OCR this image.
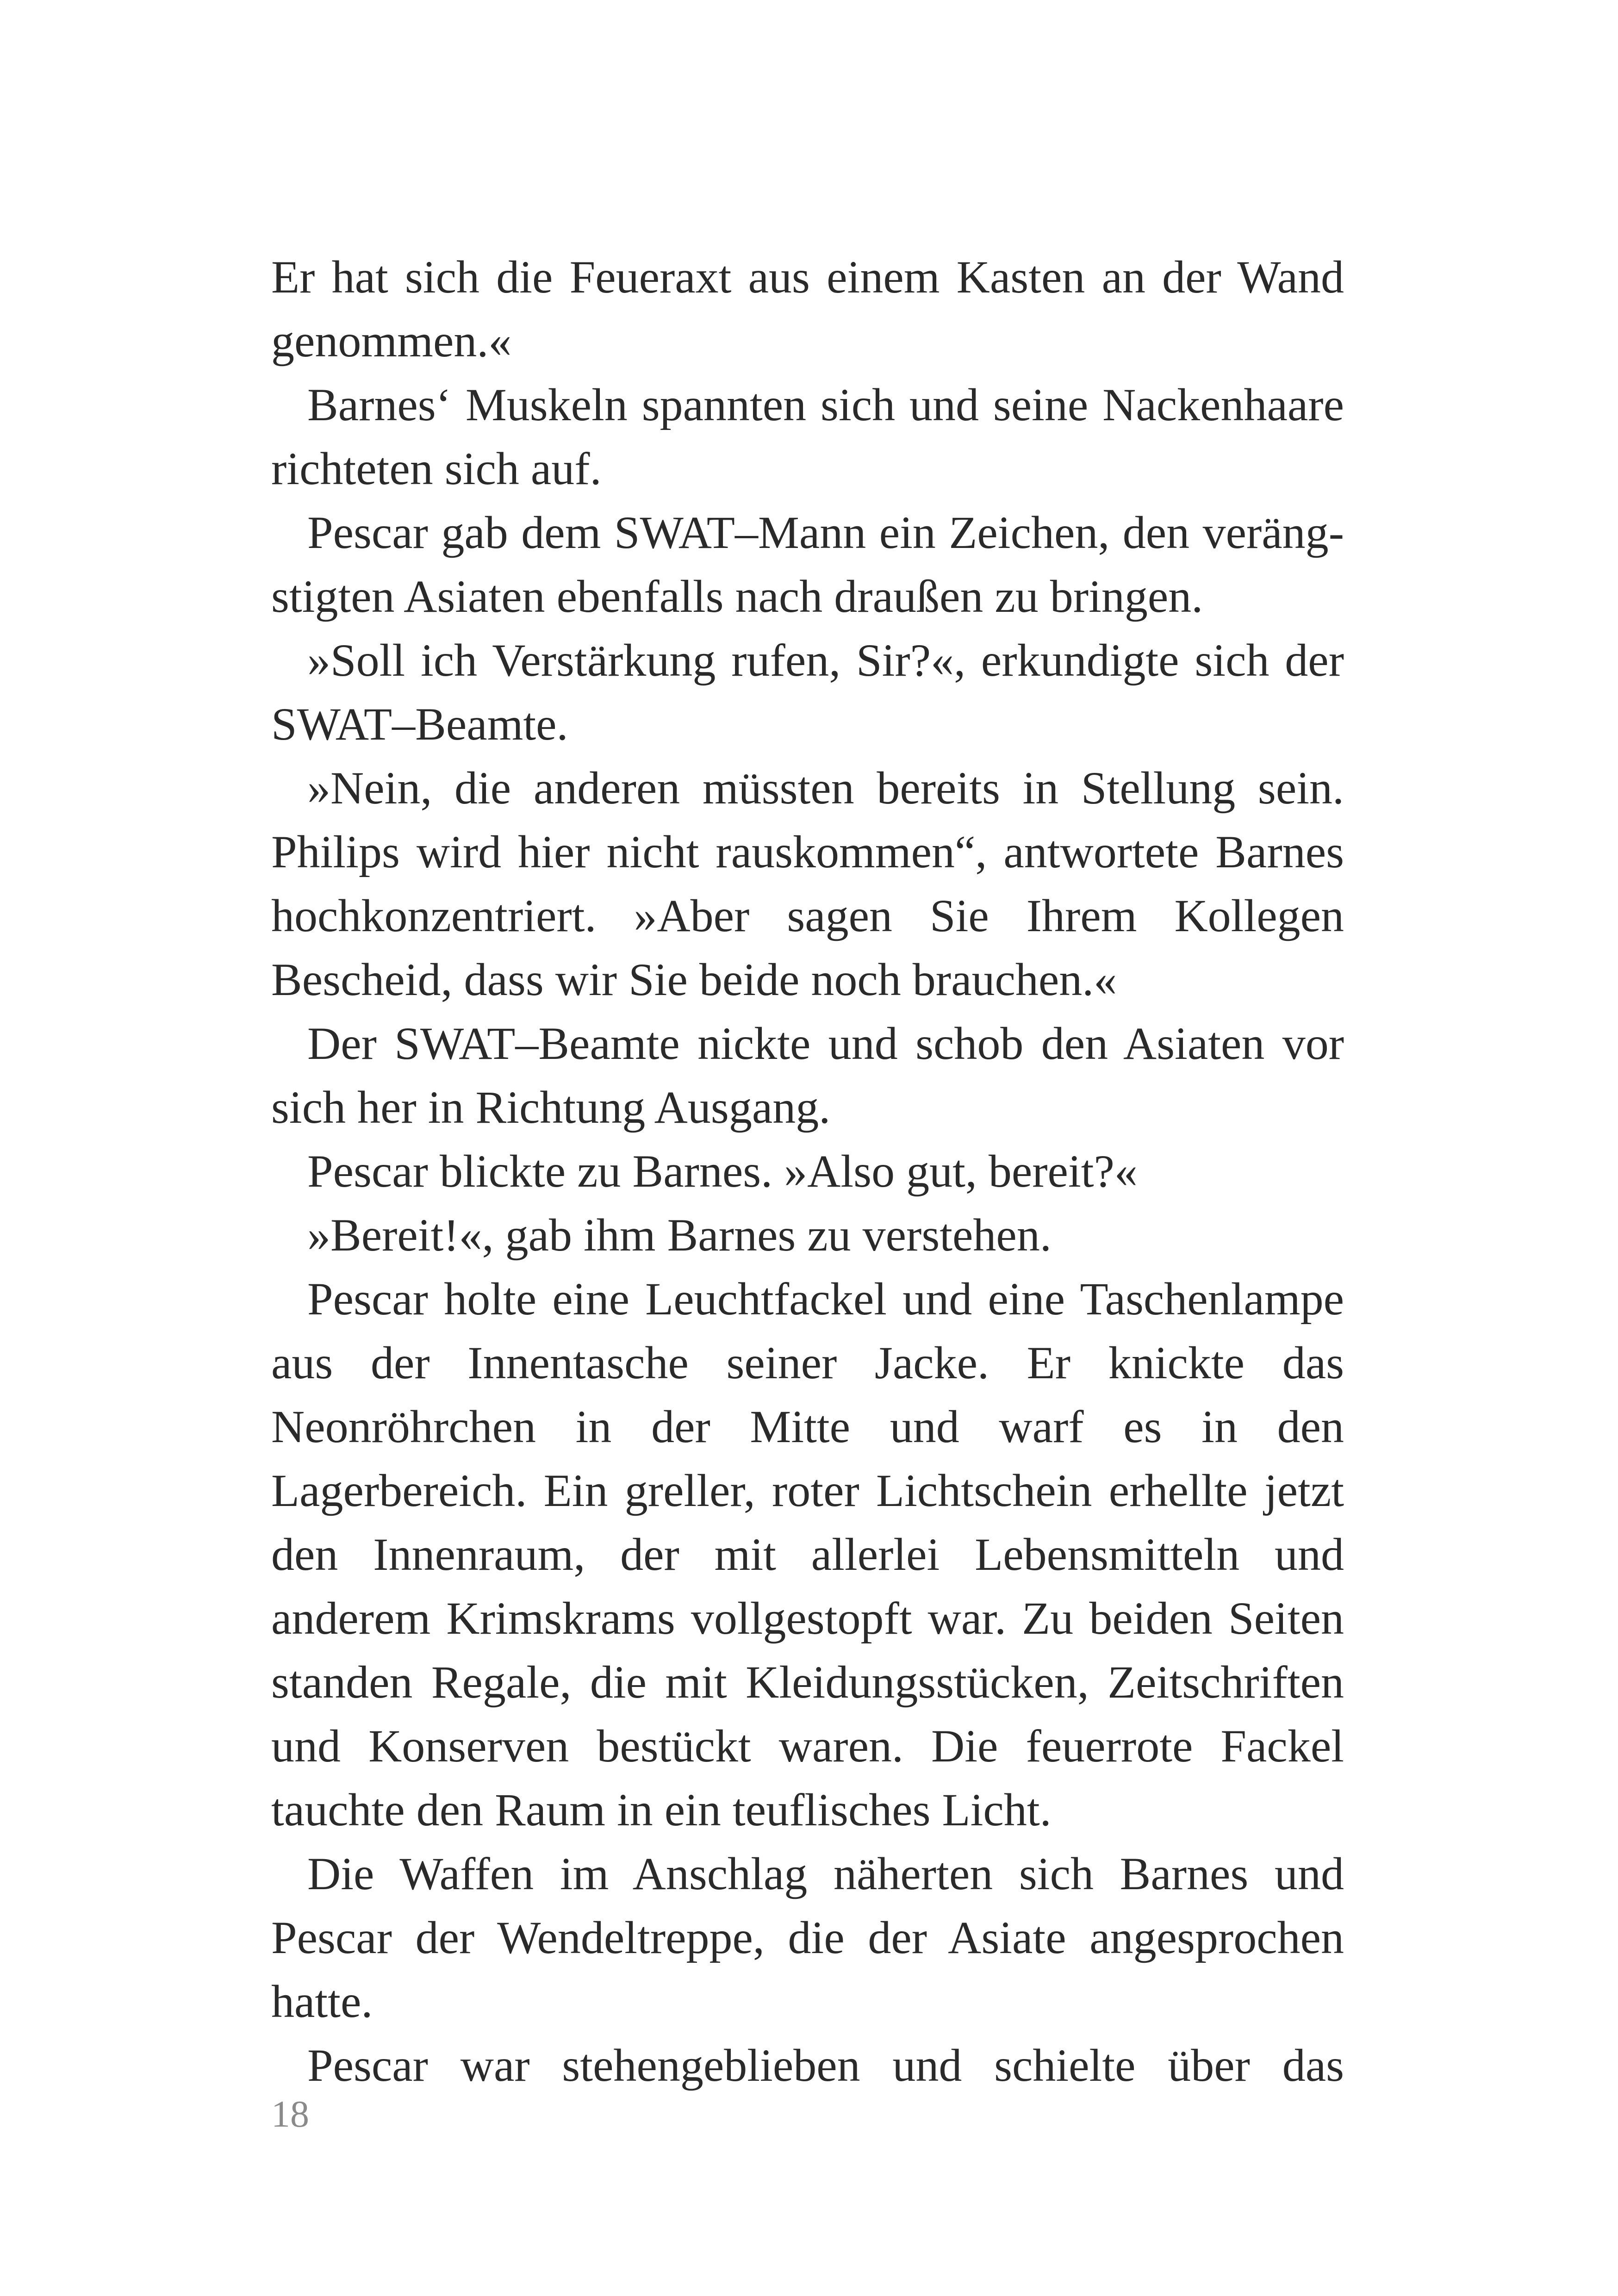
Er hat sich die Feueraxt aus einem Kasten an der Wand genommen.«

Barnes‘ Muskeln spannten sich und seine Nackenhaare richteten sich auf.

Pescar gab dem SWAT–Mann ein Zeichen, den verängstigten Asiaten ebenfalls nach draußen zu bringen.

»Soll ich Verstärkung rufen, Sir?«, erkundigte sich der SWAT–Beamte.

»Nein, die anderen müssten bereits in Stellung sein. Philips wird hier nicht rauskommen“, antwortete Barnes hochkonzentriert. »Aber sagen Sie Ihrem Kollegen Bescheid, dass wir Sie beide noch brauchen.«

Der SWAT–Beamte nickte und schob den Asiaten vor sich her in Richtung Ausgang.

Pescar blickte zu Barnes. »Also gut, bereit?«

»Bereit!«, gab ihm Barnes zu verstehen.

Pescar holte eine Leuchtfackel und eine Taschenlampe aus der Innentasche seiner Jacke. Er knickte das Neonröhrchen in der Mitte und warf es in den Lagerbereich. Ein greller, roter Lichtschein erhellte jetzt den Innenraum, der mit allerlei Lebensmitteln und anderem Krimskrams vollgestopft war. Zu beiden Seiten standen Regale, die mit Kleidungsstücken, Zeitschriften und Konserven bestückt waren. Die feuerrote Fackel tauchte den Raum in ein teuflisches Licht.

Die Waffen im Anschlag näherten sich Barnes und Pescar der Wendeltreppe, die der Asiate angesprochen hatte.

Pescar war stehengeblieben und schielte über das

18
